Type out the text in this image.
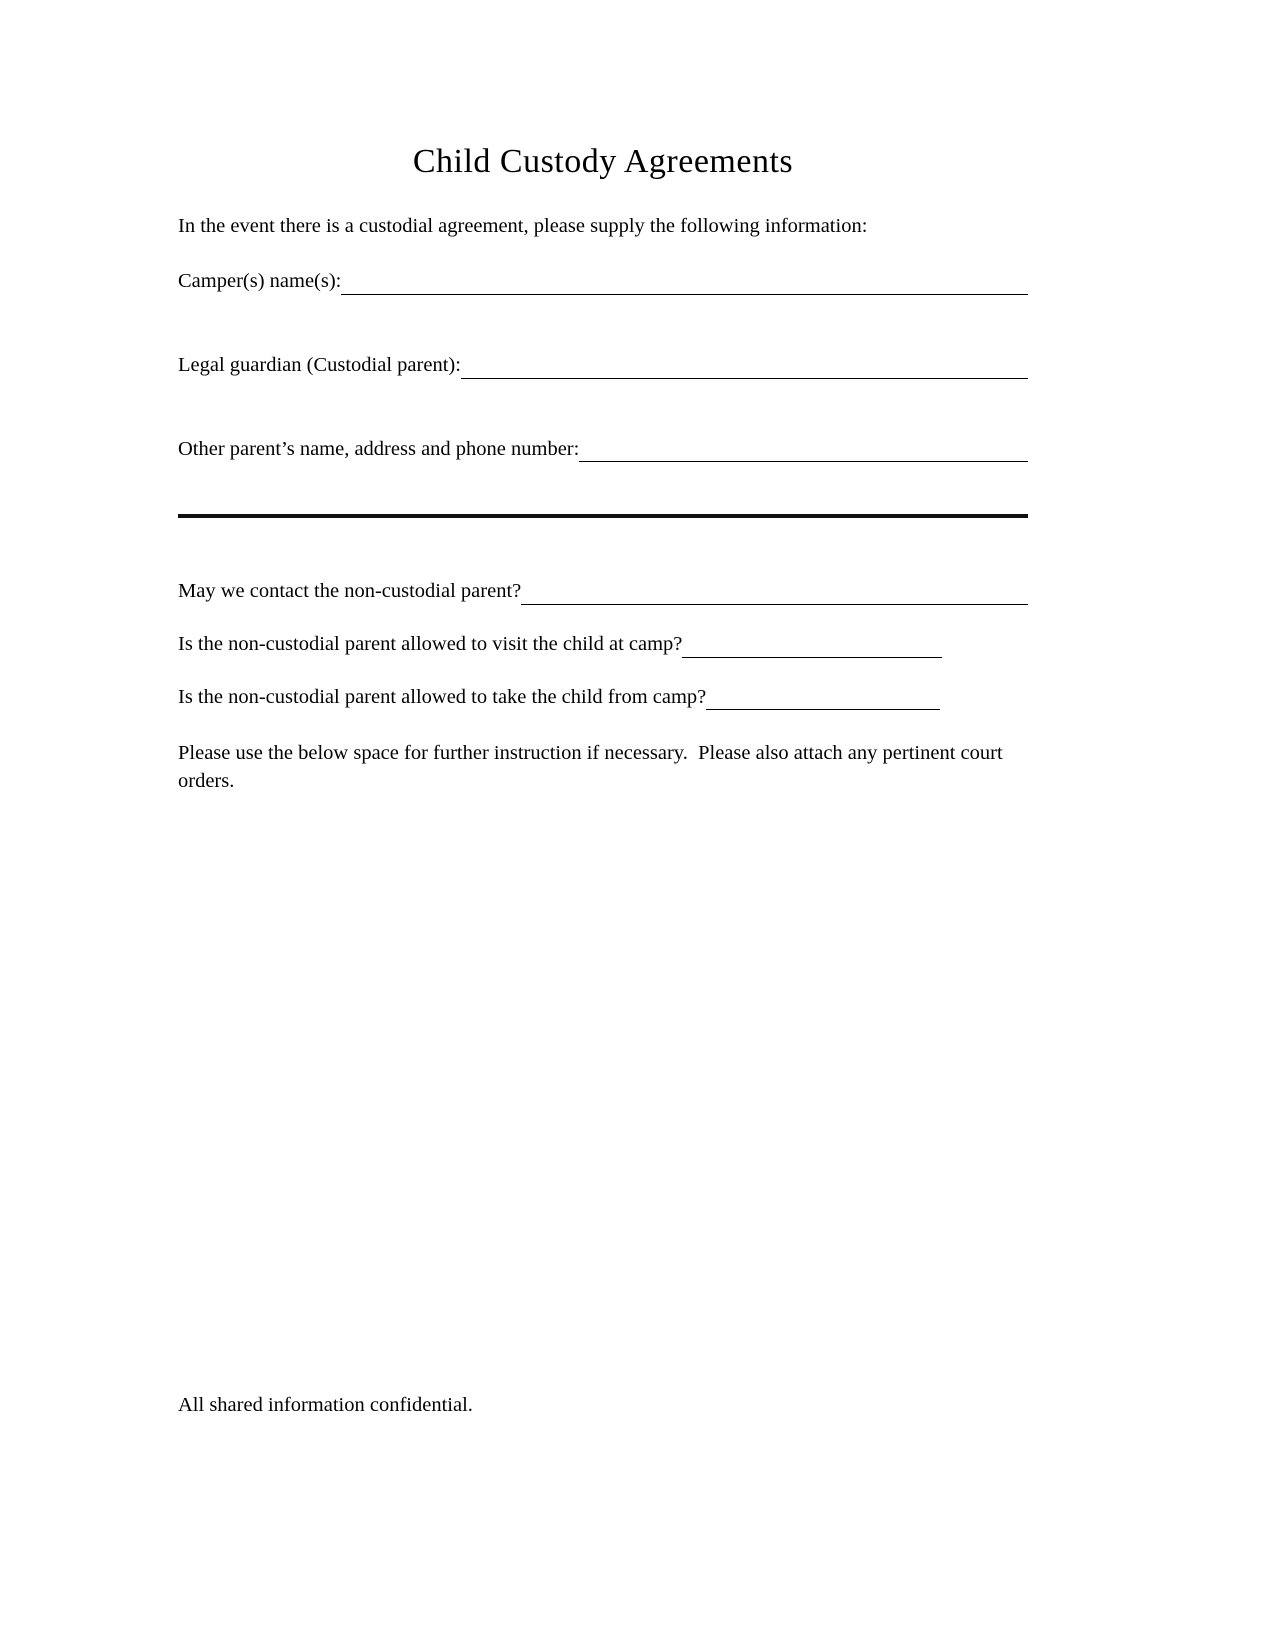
Child Custody Agreements

In the event there is a custodial agreement, please supply the following information:

Camper(s) name(s):
Legal guardian (Custodial parent):
Other parent’s name, address and phone number:
May we contact the non-custodial parent?
Is the non-custodial parent allowed to visit the child at camp?
Is the non-custodial parent allowed to take the child from camp?

Please use the below space for further instruction if necessary.  Please also attach any pertinent court orders.

All shared information confidential.
